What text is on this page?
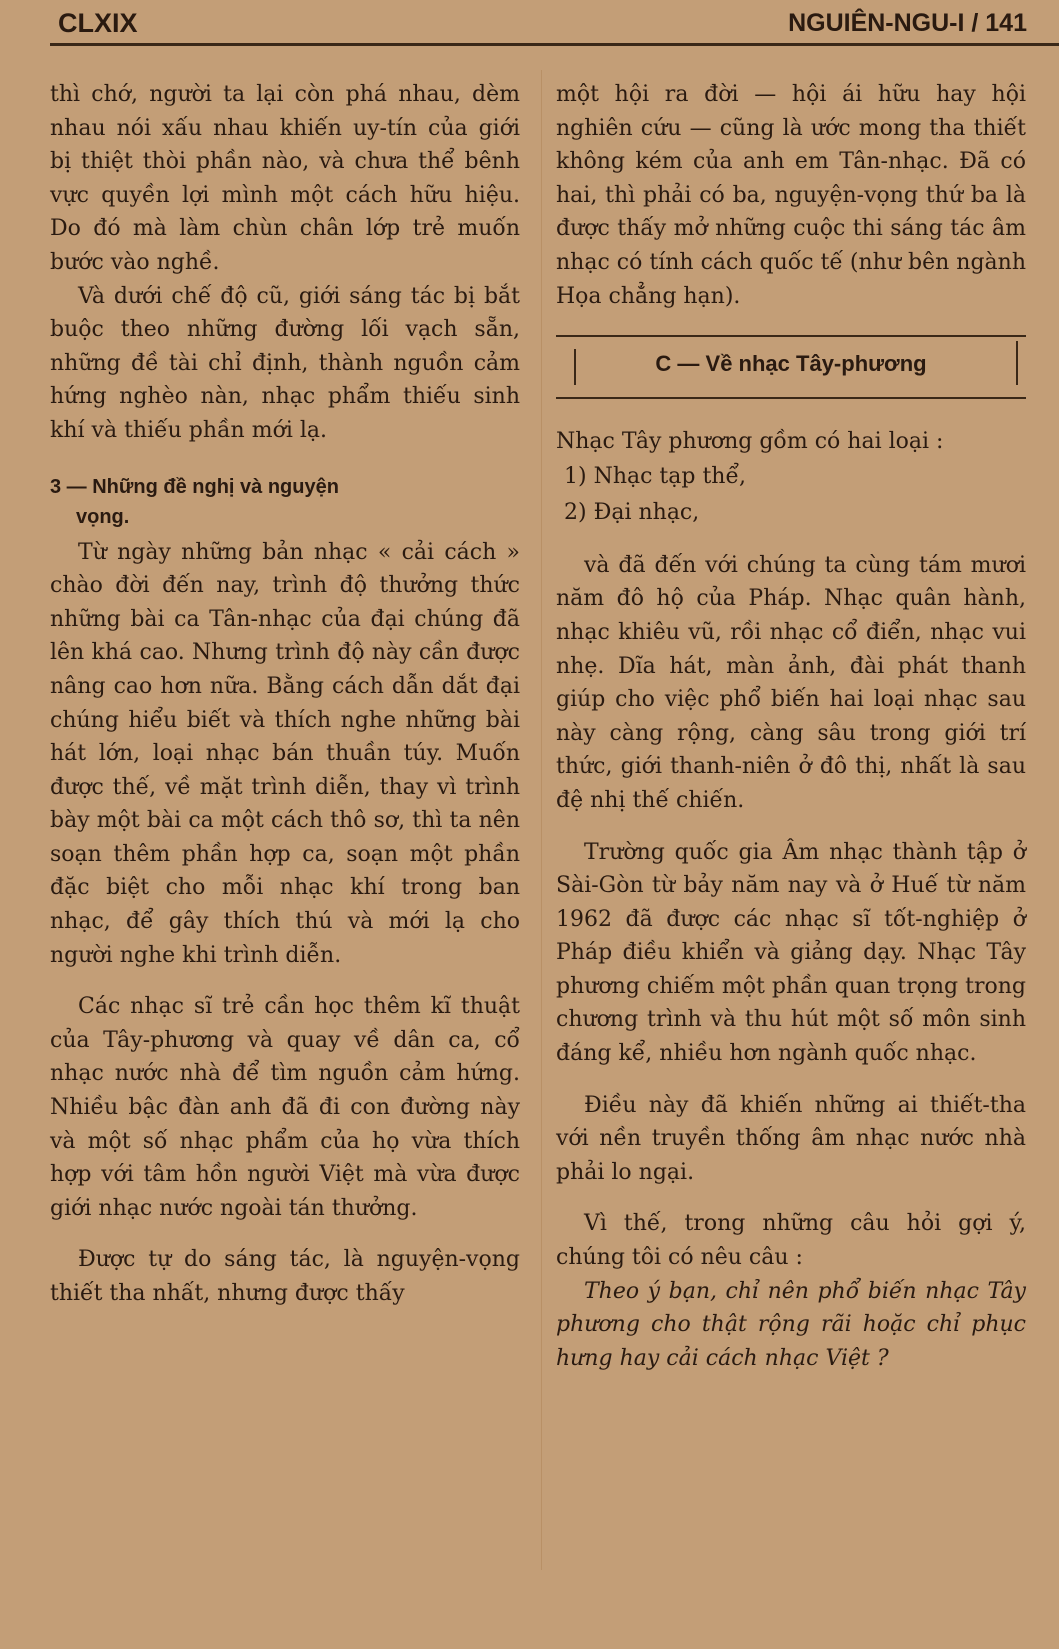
CLXIX	NGUIÊN-NGU-I / 141

thì chớ, người ta lại còn phá nhau, dèm nhau nói xấu nhau khiến uy-tín của giới bị thiệt thòi phần nào, và chưa thể bênh vực quyền lợi mình một cách hữu hiệu. Do đó mà làm chùn chân lớp trẻ muốn bước vào nghề.

Và dưới chế độ cũ, giới sáng tác bị bắt buộc theo những đường lối vạch sẵn, những đề tài chỉ định, thành nguồn cảm hứng nghèo nàn, nhạc phẩm thiếu sinh khí và thiếu phần mới lạ.

3 — Những đề nghị và nguyện
vọng.

Từ ngày những bản nhạc « cải cách » chào đời đến nay, trình độ thưởng thức những bài ca Tân-nhạc của đại chúng đã lên khá cao. Nhưng trình độ này cần được nâng cao hơn nữa. Bằng cách dẫn dắt đại chúng hiểu biết và thích nghe những bài hát lớn, loại nhạc bán thuần túy. Muốn được thế, về mặt trình diễn, thay vì trình bày một bài ca một cách thô sơ, thì ta nên soạn thêm phần hợp ca, soạn một phần đặc biệt cho mỗi nhạc khí trong ban nhạc, để gây thích thú và mới lạ cho người nghe khi trình diễn.

Các nhạc sĩ trẻ cần học thêm kĩ thuật của Tây-phương và quay về dân ca, cổ nhạc nước nhà để tìm nguồn cảm hứng. Nhiều bậc đàn anh đã đi con đường này và một số nhạc phẩm của họ vừa thích hợp với tâm hồn người Việt mà vừa được giới nhạc nước ngoài tán thưởng.

Được tự do sáng tác, là nguyện-vọng thiết tha nhất, nhưng được thấy

một hội ra đời — hội ái hữu hay hội nghiên cứu — cũng là ước mong tha thiết không kém của anh em Tân-nhạc. Đã có hai, thì phải có ba, nguyện-vọng thứ ba là được thấy mở những cuộc thi sáng tác âm nhạc có tính cách quốc tế (như bên ngành Họa chẳng hạn).

C — Về nhạc Tây-phương

Nhạc Tây phương gồm có hai loại :

1) Nhạc tạp thể,
2) Đại nhạc,

và đã đến với chúng ta cùng tám mươi năm đô hộ của Pháp. Nhạc quân hành, nhạc khiêu vũ, rồi nhạc cổ điển, nhạc vui nhẹ. Dĩa hát, màn ảnh, đài phát thanh giúp cho việc phổ biến hai loại nhạc sau này càng rộng, càng sâu trong giới trí thức, giới thanh-niên ở đô thị, nhất là sau đệ nhị thế chiến.

Trường quốc gia Âm nhạc thành tập ở Sài-Gòn từ bảy năm nay và ở Huế từ năm 1962 đã được các nhạc sĩ tốt-nghiệp ở Pháp điều khiển và giảng dạy. Nhạc Tây phương chiếm một phần quan trọng trong chương trình và thu hút một số môn sinh đáng kể, nhiều hơn ngành quốc nhạc.

Điều này đã khiến những ai thiết-tha với nền truyền thống âm nhạc nước nhà phải lo ngại.

Vì thế, trong những câu hỏi gợi ý, chúng tôi có nêu câu :

Theo ý bạn, chỉ nên phổ biến nhạc Tây phương cho thật rộng rãi hoặc chỉ phục hưng hay cải cách nhạc Việt ?
